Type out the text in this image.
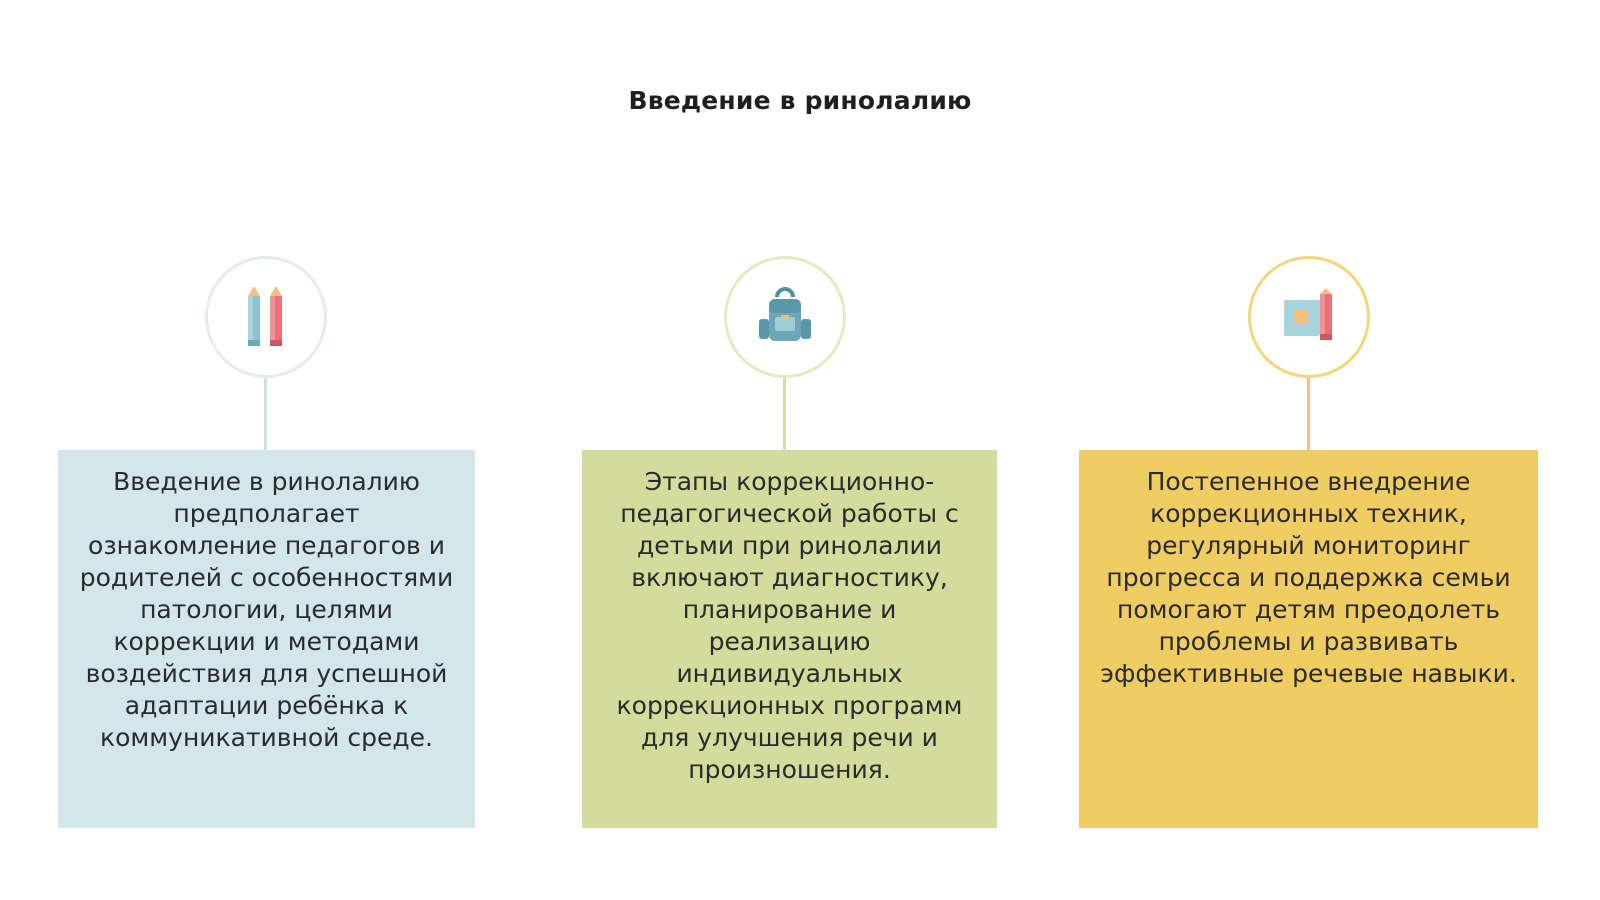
Введение в ринолалию
Введение в ринолалию предполагает ознакомление педагогов и родителей с особенностями патологии, целями коррекции и методами воздействия для успешной адаптации ребёнка к коммуникативной среде.
Этапы коррекционно-педагогической работы с детьми при ринолалии включают диагностику, планирование и реализацию индивидуальных коррекционных программ для улучшения речи и произношения.
Постепенное внедрение коррекционных техник, регулярный мониторинг прогресса и поддержка семьи помогают детям преодолеть проблемы и развивать эффективные речевые навыки.
